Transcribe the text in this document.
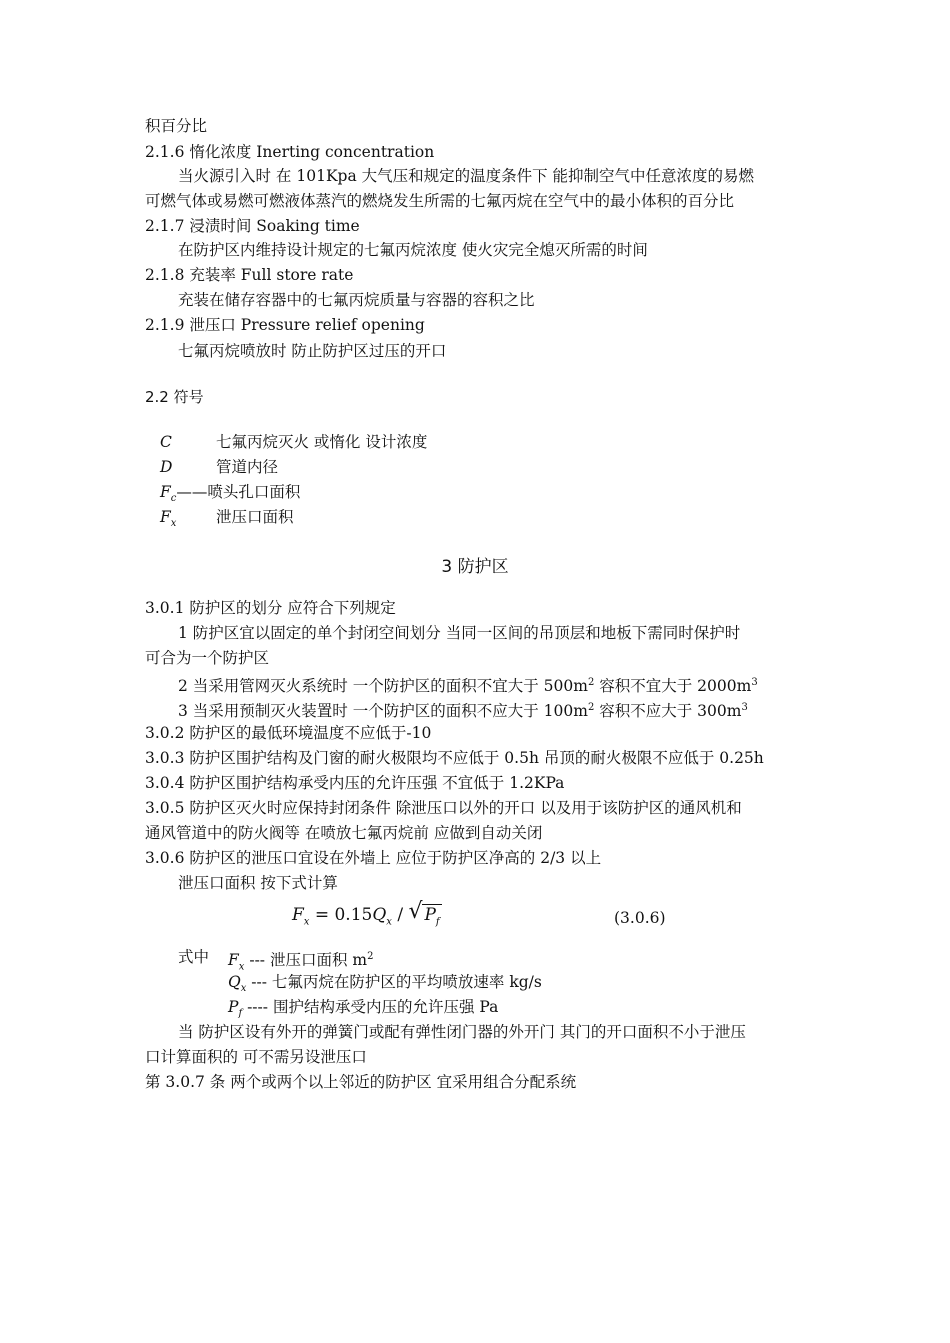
积百分比
2.1.6 惰化浓度 Inerting concentration
当火源引入时 在 101Kpa 大气压和规定的温度条件下 能抑制空气中任意浓度的易燃
可燃气体或易燃可燃液体蒸汽的燃烧发生所需的七氟丙烷在空气中的最小体积的百分比
2.1.7 浸渍时间 Soaking time
在防护区内维持设计规定的七氟丙烷浓度 使火灾完全熄灭所需的时间
2.1.8 充装率 Full store rate
充装在储存容器中的七氟丙烷质量与容器的容积之比
2.1.9 泄压口 Pressure relief opening
七氟丙烷喷放时 防止防护区过压的开口
2.2 符号
C	七氟丙烷灭火 或惰化 设计浓度
D	管道内径
$F_c——$喷头孔口面积
$F_x$	泄压口面积
3 防护区
3.0.1 防护区的划分 应符合下列规定
1 防护区宜以固定的单个封闭空间划分 当同一区间的吊顶层和地板下需同时保护时
可合为一个防护区
2 当采用管网灭火系统时 一个防护区的面积不宜大于 $500m^2$ 容积不宜大于 $2000m^3$
3 当采用预制灭火装置时 一个防护区的面积不应大于 $100m^2$ 容积不应大于 $300m^3$
3.0.2 防护区的最低环境温度不应低于-10
3.0.3 防护区围护结构及门窗的耐火极限均不应低于 0.5h 吊顶的耐火极限不应低于 0.25h
3.0.4 防护区围护结构承受内压的允许压强 不宜低于 1.2KPa
3.0.5 防护区灭火时应保持封闭条件 除泄压口以外的开口 以及用于该防护区的通风机和
通风管道中的防火阀等 在喷放七氟丙烷前 应做到自动关闭
3.0.6 防护区的泄压口宜设在外墙上 应位于防护区净高的 2/3 以上
泄压口面积 按下式计算
$F_x = 0.15Q_x$ / √ $P_f$	(3.0.6)
式中 $F_x$ --- 泄压口面积 $m^2$
$Q_x$ --- 七氟丙烷在防护区的平均喷放速率 kg/s
$P_f$ ---- 围护结构承受内压的允许压强 Pa
当 防护区设有外开的弹簧门或配有弹性闭门器的外开门 其门的开口面积不小于泄压
口计算面积的 可不需另设泄压口
第 3.0.7 条 两个或两个以上邻近的防护区 宜采用组合分配系统
